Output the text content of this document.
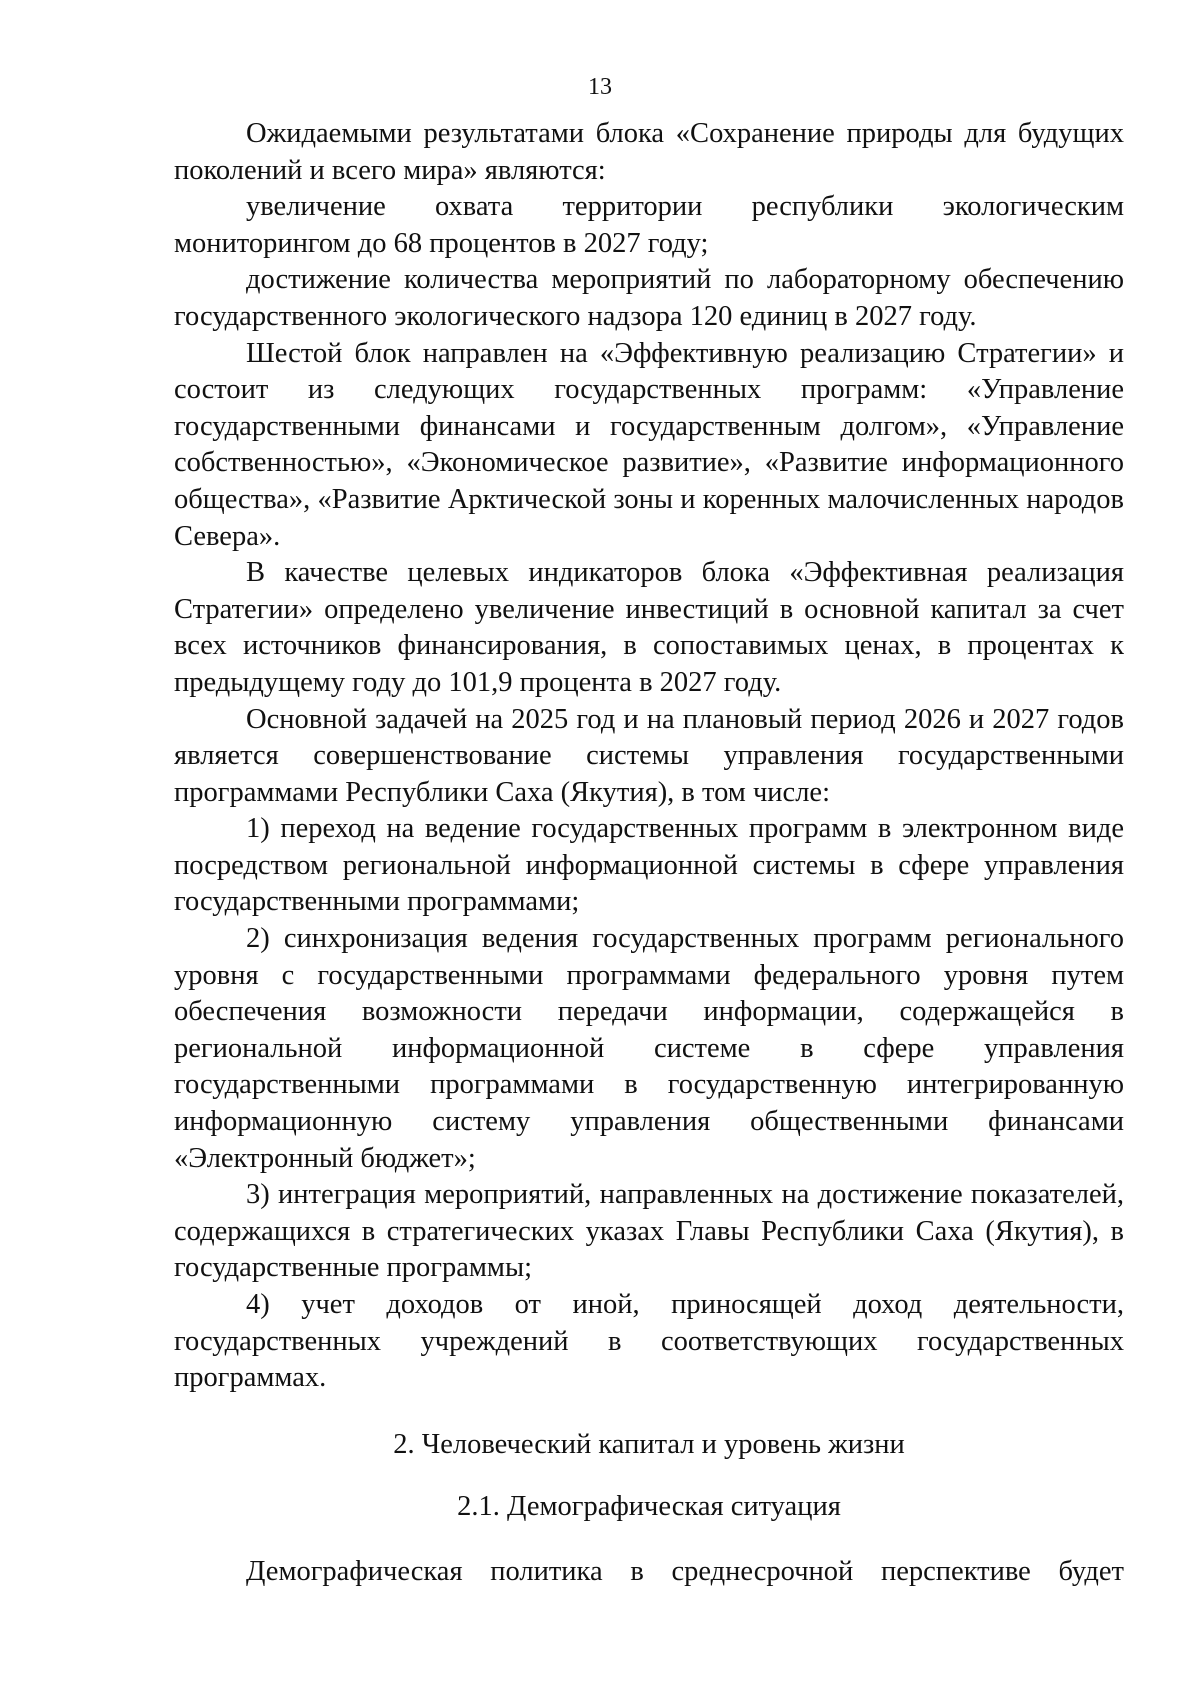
13

Ожидаемыми результатами блока «Сохранение природы для будущих поколений и всего мира» являются:

увеличение охвата территории республики экологическим мониторингом до 68 процентов в 2027 году;

достижение количества мероприятий по лабораторному обеспечению государственного экологического надзора 120 единиц в 2027 году.

Шестой блок направлен на «Эффективную реализацию Стратегии» и состоит из следующих государственных программ: «Управление государственными финансами и государственным долгом», «Управление собственностью», «Экономическое развитие», «Развитие информационного общества», «Развитие Арктической зоны и коренных малочисленных народов Севера».

В качестве целевых индикаторов блока «Эффективная реализация Стратегии» определено увеличение инвестиций в основной капитал за счет всех источников финансирования, в сопоставимых ценах, в процентах к предыдущему году до 101,9 процента в 2027 году.

Основной задачей на 2025 год и на плановый период 2026 и 2027 годов является совершенствование системы управления государственными программами Республики Саха (Якутия), в том числе:

1) переход на ведение государственных программ в электронном виде посредством региональной информационной системы в сфере управления государственными программами;

2) синхронизация ведения государственных программ регионального уровня с государственными программами федерального уровня путем обеспечения возможности передачи информации, содержащейся в региональной информационной системе в сфере управления государственными программами в государственную интегрированную информационную систему управления общественными финансами «Электронный бюджет»;

3) интеграция мероприятий, направленных на достижение показателей, содержащихся в стратегических указах Главы Республики Саха (Якутия), в государственные программы;

4) учет доходов от иной, приносящей доход деятельности, государственных учреждений в соответствующих государственных программах.

2. Человеческий капитал и уровень жизни

2.1. Демографическая ситуация

Демографическая политика в среднесрочной перспективе будет
